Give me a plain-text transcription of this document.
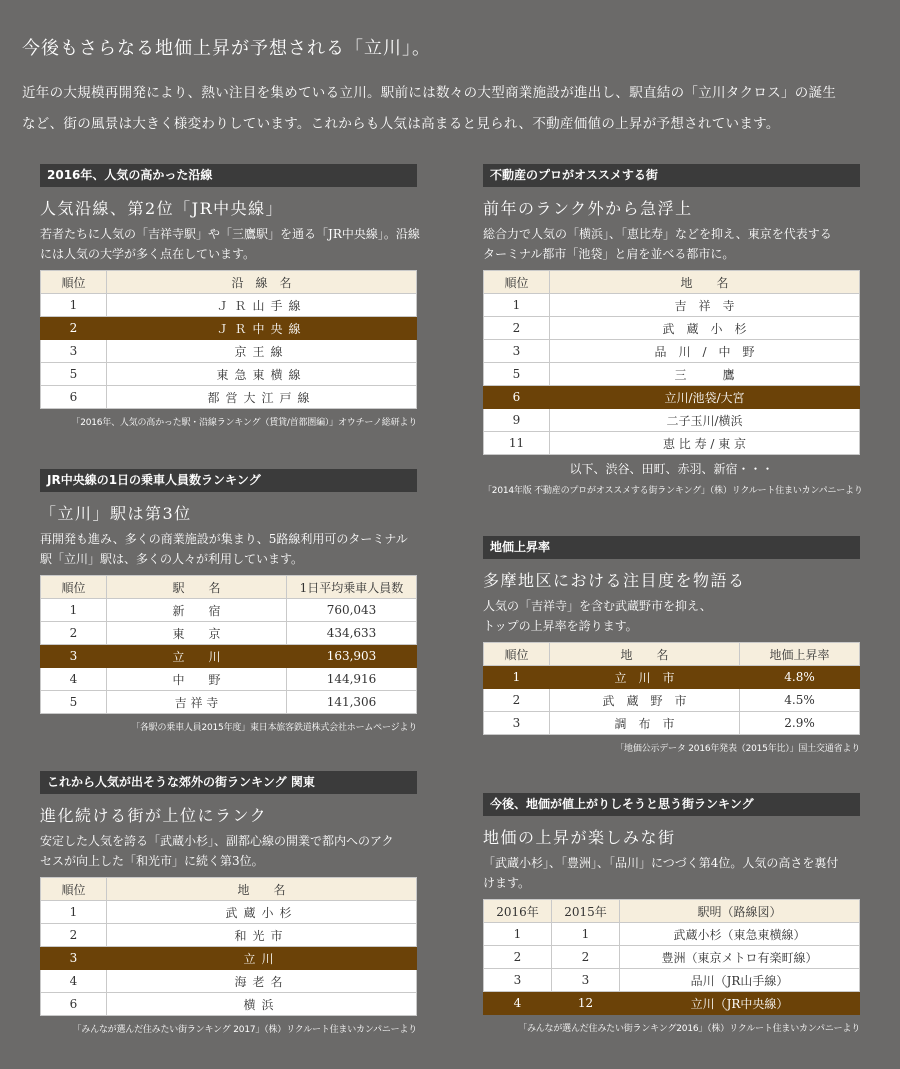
今後もさらなる地価上昇が予想される「立川」。

近年の大規模再開発により、熱い注目を集めている立川。駅前には数々の大型商業施設が進出し、駅直結の「立川タクロス」の誕生

など、街の風景は大きく様変わりしています。これからも人気は高まると見られ、不動産価値の上昇が予想されています。

2016年、人気の高かった沿線
人気沿線、第2位「JR中央線」

若者たちに人気の「吉祥寺駅」や「三鷹駅」を通る「JR中央線」。沿線

には人気の大学が多く点在しています。

順位	沿　線　名
1	ＪＲ山手線
2	ＪＲ中央線
3	京王線
5	東急東横線
6	都営大江戸線
「2016年、人気の高かった駅・沿線ランキング（賃貸/首都圏編）」オウチーノ総研より
JR中央線の1日の乗車人員数ランキング
「立川」駅は第3位

再開発も進み、多くの商業施設が集まり、5路線利用可のターミナル

駅「立川」駅は、多くの人々が利用しています。

順位	駅　　名	1日平均乗車人員数
1	新　　宿	760,043
2	東　　京	434,633
3	立　　川	163,903
4	中　　野	144,916
5	吉 祥 寺	141,306
「各駅の乗車人員2015年度」東日本旅客鉄道株式会社ホームページより
これから人気が出そうな郊外の街ランキング 関東
進化続ける街が上位にランク

安定した人気を誇る「武蔵小杉」、副都心線の開業で都内へのアク

セスが向上した「和光市」に続く第3位。

順位	地　　名
1	武蔵小杉
2	和光市
3	立川
4	海老名
6	横浜
「みんなが選んだ住みたい街ランキング 2017」（株）リクルート住まいカンパニーより
不動産のプロがオススメする街
前年のランク外から急浮上

総合力で人気の「横浜」、「恵比寿」などを抑え、東京を代表する

ターミナル都市「池袋」と肩を並べる都市に。

順位	地　　名
1	吉　祥　寺
2	武　蔵　小　杉
3	品　川　/　中　野
5	三　　　鷹
6	立川/池袋/大宮
9	二子玉川/横浜
11	恵 比 寿 / 東 京
以下、渋谷、田町、赤羽、新宿・・・
「2014年版 不動産のプロがオススメする街ランキング」（株）リクルート住まいカンパニーより
地価上昇率
多摩地区における注目度を物語る

人気の「吉祥寺」を含む武蔵野市を抑え、

トップの上昇率を誇ります。

順位	地　　名	地価上昇率
1	立　川　市	4.8%
2	武　蔵　野　市	4.5%
3	調　布　市	2.9%
「地価公示データ 2016年発表（2015年比）」国土交通省より
今後、地価が値上がりしそうと思う街ランキング
地価の上昇が楽しみな街

「武蔵小杉」、「豊洲」、「品川」につづく第4位。人気の高さを裏付

けます。

2016年	2015年	駅明（路線図）
1	1	武蔵小杉（東急東横線）
2	2	豊洲（東京メトロ有楽町線）
3	3	品川（JR山手線）
4	12	立川（JR中央線）
「みんなが選んだ住みたい街ランキング2016」（株）リクルート住まいカンパニーより
